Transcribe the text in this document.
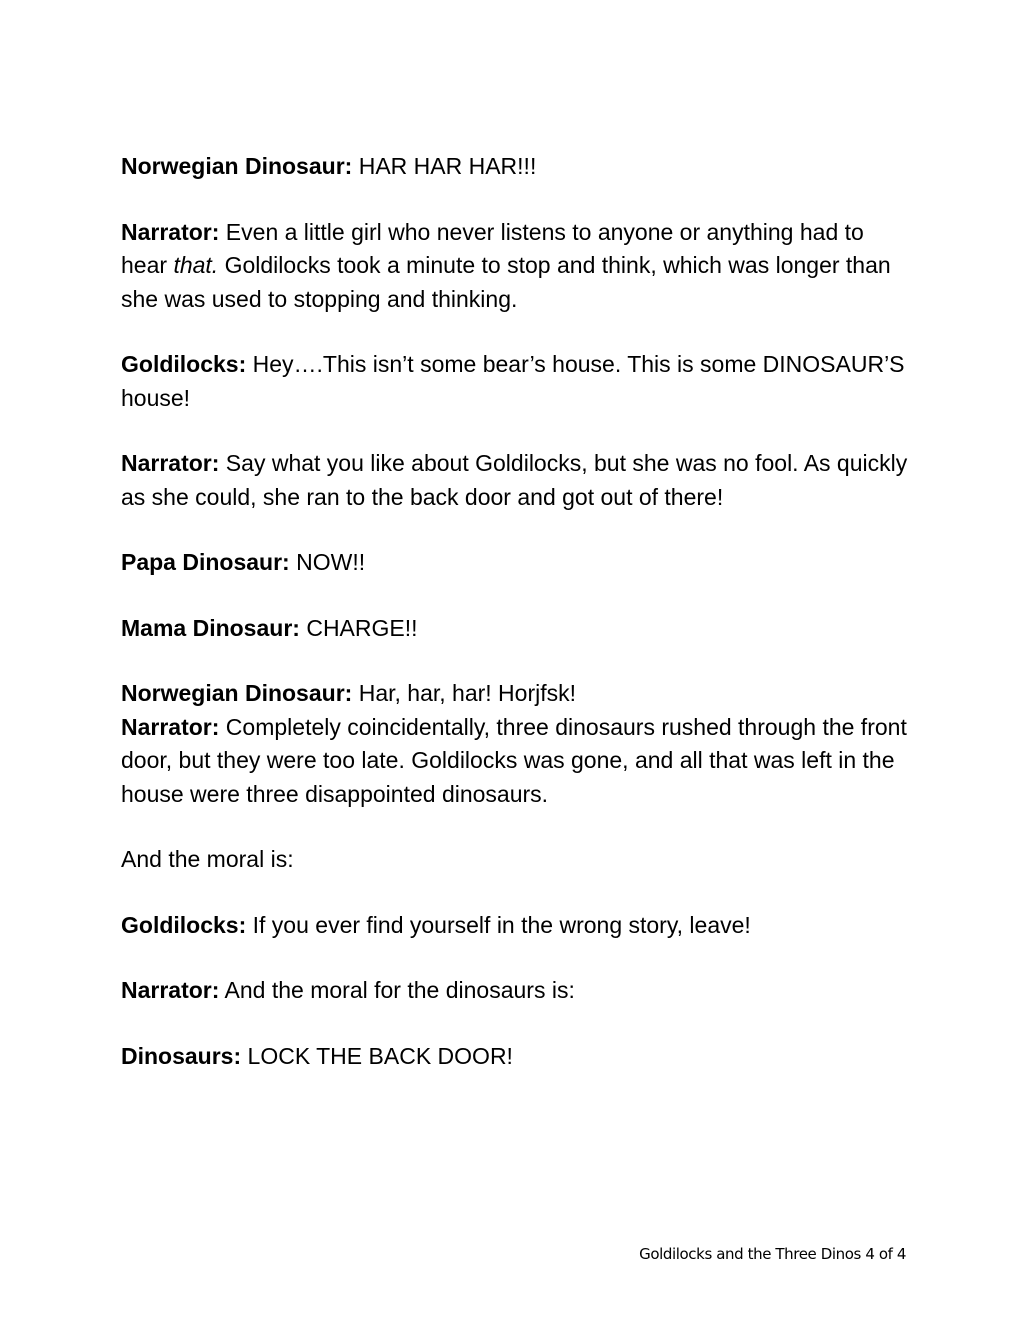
Norwegian Dinosaur: HAR HAR HAR!!!

Narrator: Even a little girl who never listens to anyone or anything had to hear that. Goldilocks took a minute to stop and think, which was longer than she was used to stopping and thinking.

Goldilocks: Hey….This isn’t some bear’s house. This is some DINOSAUR’S house!

Narrator: Say what you like about Goldilocks, but she was no fool. As quickly as she could, she ran to the back door and got out of there!

Papa Dinosaur: NOW!!

Mama Dinosaur: CHARGE!!

Norwegian Dinosaur: Har, har, har! Horjfsk!

Narrator: Completely coincidentally, three dinosaurs rushed through the front door, but they were too late. Goldilocks was gone, and all that was left in the house were three disappointed dinosaurs.

And the moral is:

Goldilocks: If you ever find yourself in the wrong story, leave!

Narrator: And the moral for the dinosaurs is:

Dinosaurs: LOCK THE BACK DOOR!

Goldilocks and the Three Dinos 4 of 4
